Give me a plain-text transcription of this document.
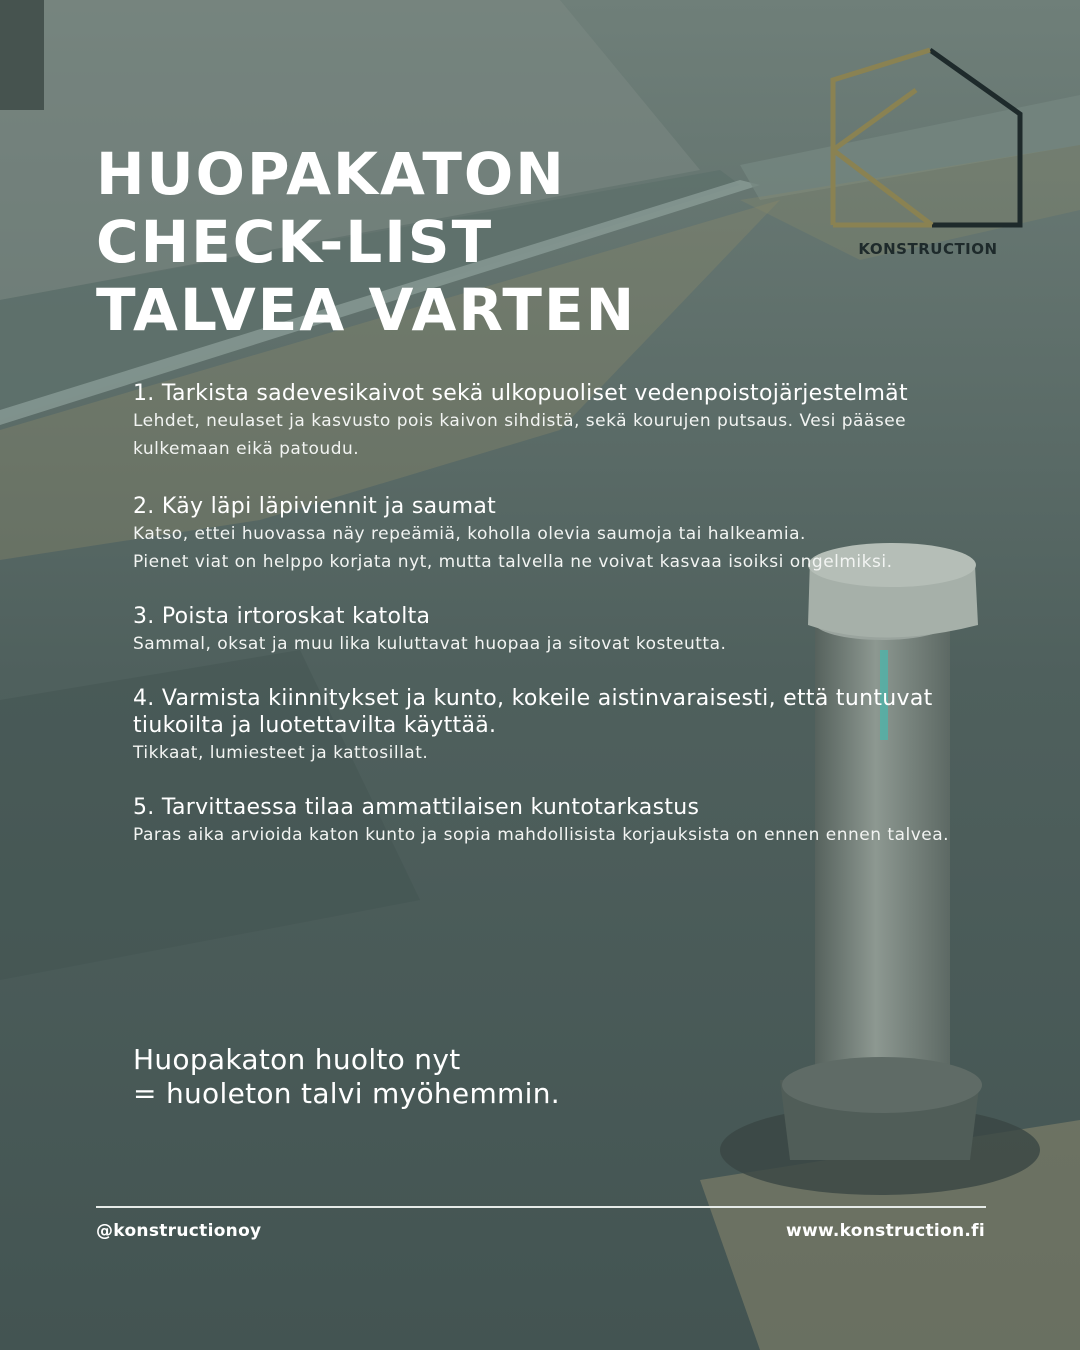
KONSTRUCTION
HUOPAKATON
CHECK-LIST
TALVEA VARTEN
1. Tarkista sadevesikaivot sekä ulkopuoliset vedenpoistojärjestelmät
Lehdet, neulaset ja kasvusto pois kaivon sihdistä, sekä kourujen putsaus. Vesi pääsee kulkemaan eikä patoudu.
2. Käy läpi läpiviennit ja saumat
Katso, ettei huovassa näy repeämiä, koholla olevia saumoja tai halkeamia.
Pienet viat on helppo korjata nyt, mutta talvella ne voivat kasvaa isoiksi ongelmiksi.
3. Poista irtoroskat katolta
Sammal, oksat ja muu lika kuluttavat huopaa ja sitovat kosteutta.
4. Varmista kiinnitykset ja kunto, kokeile aistinvaraisesti, että tuntuvat tiukoilta ja luotettavilta käyttää.
Tikkaat, lumiesteet ja kattosillat.
5. Tarvittaessa tilaa ammattilaisen kuntotarkastus
Paras aika arvioida katon kunto ja sopia mahdollisista korjauksista on ennen ennen talvea.
Huopakaton huolto nyt
= huoleton talvi myöhemmin.
@konstructionoy	www.konstruction.fi
